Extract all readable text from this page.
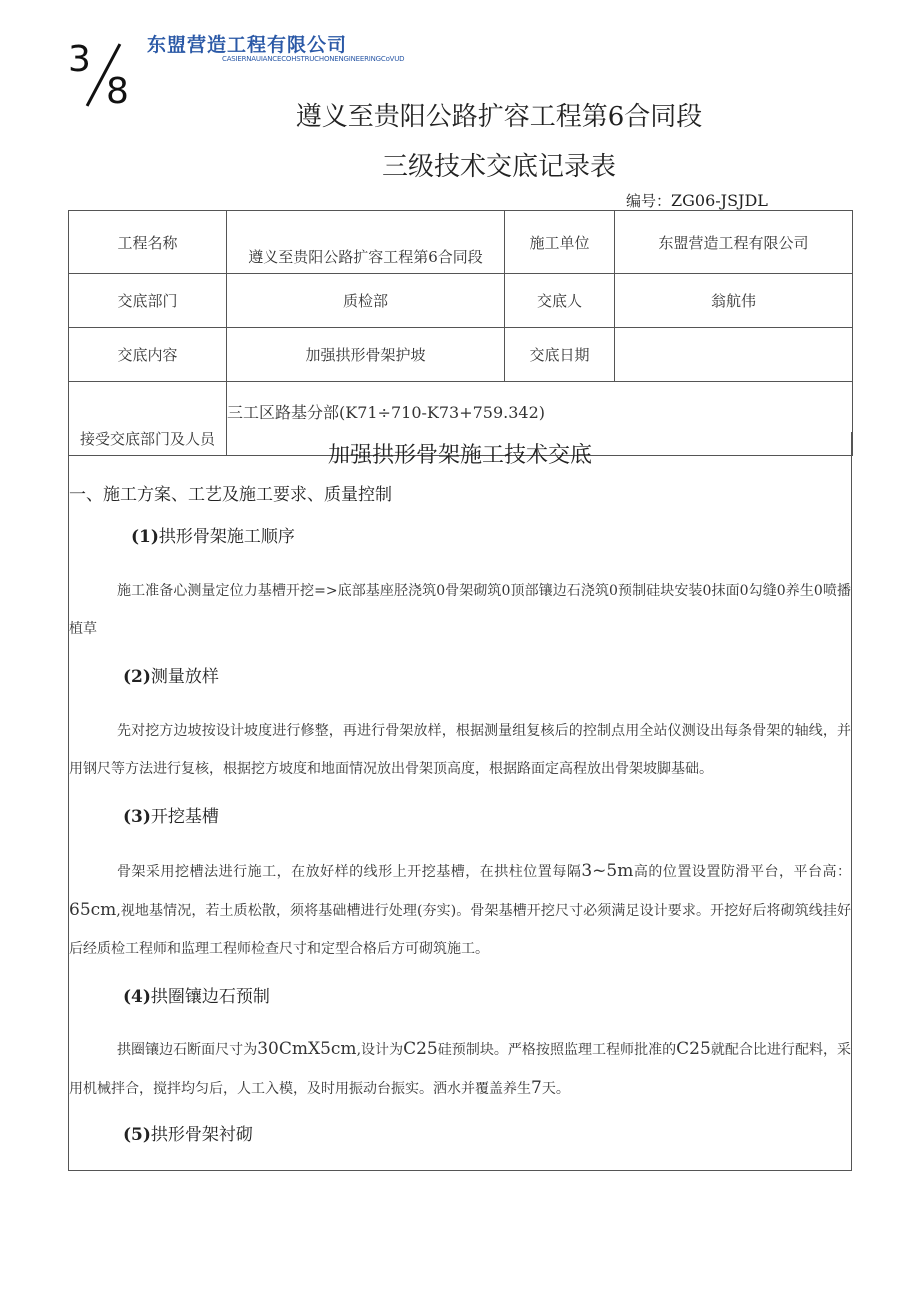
3
8
东盟营造工程有限公司
CASIERNAUIANCECOHSTRUCHONENGINEERINGCoVUD
遵义至贵阳公路扩容工程第6合同段
三级技术交底记录表
编号：ZG06-JSJDL
工程名称	遵义至贵阳公路扩容工程第6合同段	施工单位	东盟营造工程有限公司
交底部门	质检部	交底人	翁航伟
交底内容	加强拱形骨架护坡	交底日期	
接受交底部门及人员	三工区路基分部(K71÷710-K73+759.342)		
加强拱形骨架施工技术交底
一、施工方案、工艺及施工要求、质量控制
(1)拱形骨架施工顺序
施工准备心测量定位力基槽开挖=>底部基座胫浇筑0骨架砌筑0顶部镶边石浇筑0预制硅块安装0抹面0勾缝0养生0喷播植草
(2)测量放样
先对挖方边坡按设计坡度进行修整，再进行骨架放样，根据测量组复核后的控制点用全站仪测设出每条骨架的轴线，并用钢尺等方法进行复核，根据挖方坡度和地面情况放出骨架顶高度，根据路面定高程放出骨架坡脚基础。
(3)开挖基槽
骨架采用挖槽法进行施工，在放好样的线形上开挖基槽，在拱柱位置每隔3~5m高的位置设置防滑平台，平台高：65cm,视地基情况，若土质松散，须将基础槽进行处理(夯实)。骨架基槽开挖尺寸必须满足设计要求。开挖好后将砌筑线挂好后经质检工程师和监理工程师检查尺寸和定型合格后方可砌筑施工。
(4)拱圈镶边石预制
拱圈镶边石断面尺寸为30CmX5cm,设计为C25硅预制块。严格按照监理工程师批准的C25就配合比进行配料，采用机械拌合，搅拌均匀后，人工入模，及时用振动台振实。洒水并覆盖养生7天。
(5)拱形骨架衬砌
